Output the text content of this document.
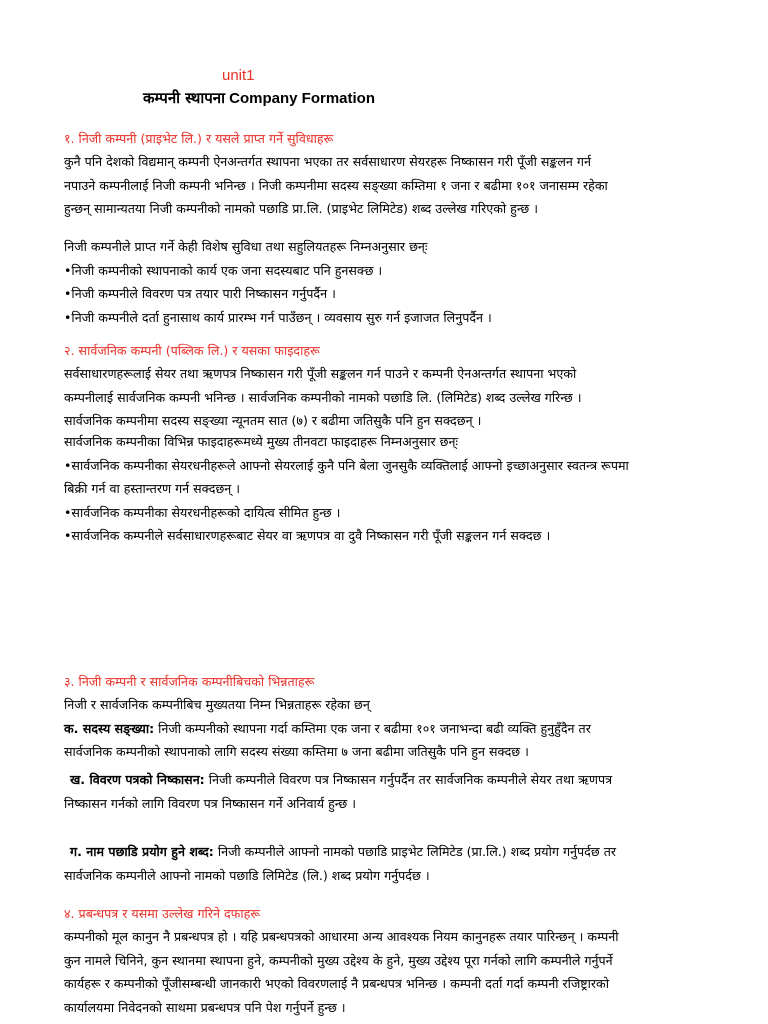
unit1
कम्पनी स्थापना Company Formation
१. निजी कम्पनी (प्राइभेट लि.) र यसले प्राप्त गर्ने सुविधाहरू
कुनै पनि देशको विद्यमान् कम्पनी ऐनअन्तर्गत स्थापना भएका तर सर्वसाधारण सेयरहरू निष्कासन गरी पूँजी सङ्कलन गर्न
नपाउने कम्पनीलाई निजी कम्पनी भनिन्छ । निजी कम्पनीमा सदस्य सङ्ख्या कम्तिमा १ जना र बढीमा १०१ जनासम्म रहेका
हुन्छन् सामान्यतया निजी कम्पनीको नामको पछाडि प्रा.लि. (प्राइभेट लिमिटेड) शब्द उल्लेख गरिएको हुन्छ ।
निजी कम्पनीले प्राप्त गर्ने केही विशेष सुविधा तथा सहुलियतहरू निम्नअनुसार छन्ः
•निजी कम्पनीको स्थापनाको कार्य एक जना सदस्यबाट पनि हुनसक्छ ।
•निजी कम्पनीले विवरण पत्र तयार पारी निष्कासन गर्नुपर्दैन ।
•निजी कम्पनीले दर्ता हुनासाथ कार्य प्रारम्भ गर्न पाउँछन् । व्यवसाय सुरु गर्न इजाजत लिनुपर्दैन ।
२. सार्वजनिक कम्पनी (पब्लिक लि.) र यसका फाइदाहरू
सर्वसाधारणहरूलाई सेयर तथा ऋणपत्र निष्कासन गरी पूँजी सङ्कलन गर्न पाउने र कम्पनी ऐनअन्तर्गत स्थापना भएको
कम्पनीलाई सार्वजनिक कम्पनी भनिन्छ । सार्वजनिक कम्पनीको नामको पछाडि लि. (लिमिटेड) शब्द उल्लेख गरिन्छ ।
सार्वजनिक कम्पनीमा सदस्य सङ्ख्या न्यूनतम सात (७) र बढीमा जतिसुकै पनि हुन सक्दछन् ।
सार्वजनिक कम्पनीका विभिन्न फाइदाहरूमध्ये मुख्य तीनवटा फाइदाहरू निम्नअनुसार छन्ः
•सार्वजनिक कम्पनीका सेयरधनीहरूले आफ्नो सेयरलाई कुनै पनि बेला जुनसुकै व्यक्तिलाई आफ्नो इच्छाअनुसार स्वतन्त्र रूपमा
बिक्री गर्न वा हस्तान्तरण गर्न सक्दछन् ।
•सार्वजनिक कम्पनीका सेयरधनीहरूको दायित्व सीमित हुन्छ ।
•सार्वजनिक कम्पनीले सर्वसाधारणहरूबाट सेयर वा ऋणपत्र वा दुवै निष्कासन गरी पूँजी सङ्कलन गर्न सक्दछ ।
३. निजी कम्पनी र सार्वजनिक कम्पनीबिचको भिन्नताहरू
निजी र सार्वजनिक कम्पनीबिच मुख्यतया निम्न भिन्नताहरू रहेका छन्
क. सदस्य सङ्ख्या: निजी कम्पनीको स्थापना गर्दा कम्तिमा एक जना र बढीमा १०१ जनाभन्दा बढी व्यक्ति हुनुहुँदैन तर
सार्वजनिक कम्पनीको स्थापनाको लागि सदस्य संख्या कम्तिमा ७ जना बढीमा जतिसुकै पनि हुन सक्दछ ।
ख. विवरण पत्रको निष्कासन: निजी कम्पनीले विवरण पत्र निष्कासन गर्नुपर्दैन तर सार्वजनिक कम्पनीले सेयर तथा ऋणपत्र
निष्कासन गर्नको लागि विवरण पत्र निष्कासन गर्ने अनिवार्य हुन्छ ।
ग. नाम पछाडि प्रयोग हुने शब्द: निजी कम्पनीले आफ्नो नामको पछाडि प्राइभेट लिमिटेड (प्रा.लि.) शब्द प्रयोग गर्नुपर्दछ तर
सार्वजनिक कम्पनीले आफ्नो नामको पछाडि लिमिटेड (लि.) शब्द प्रयोग गर्नुपर्दछ ।
४. प्रबन्धपत्र र यसमा उल्लेख गरिने दफाहरू
कम्पनीको मूल कानुन नै प्रबन्धपत्र हो । यहि प्रबन्धपत्रको आधारमा अन्य आवश्यक नियम कानुनहरू तयार पारिन्छन् । कम्पनी
कुन नामले चिनिने, कुन स्थानमा स्थापना हुने, कम्पनीको मुख्य उद्देश्य के हुने, मुख्य उद्देश्य पूरा गर्नको लागि कम्पनीले गर्नुपर्ने
कार्यहरू र कम्पनीको पूँजीसम्बन्धी जानकारी भएको विवरणलाई नै प्रबन्धपत्र भनिन्छ । कम्पनी दर्ता गर्दा कम्पनी रजिष्ट्रारको
कार्यालयमा निवेदनको साथमा प्रबन्धपत्र पनि पेश गर्नुपर्ने हुन्छ ।
